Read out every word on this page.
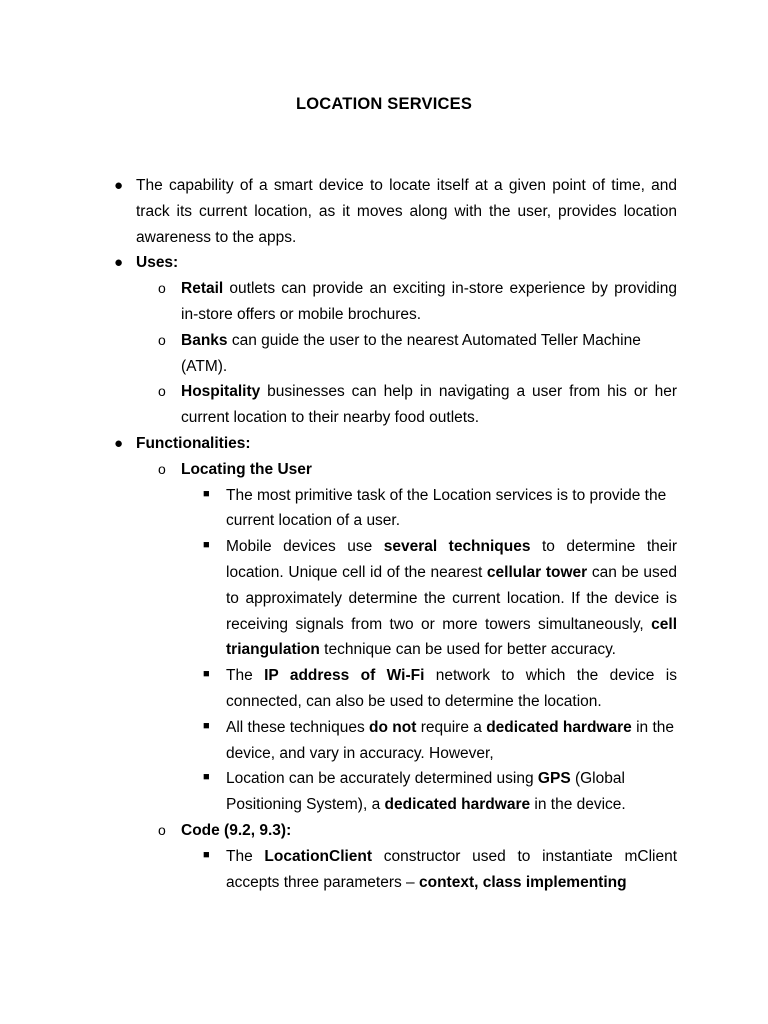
LOCATION SERVICES
● The capability of a smart device to locate itself at a given point of time, and track its current location, as it moves along with the user, provides location awareness to the apps.
● Uses:
o Retail outlets can provide an exciting in-store experience by providing in-store offers or mobile brochures.
o Banks can guide the user to the nearest Automated Teller Machine (ATM).
o Hospitality businesses can help in navigating a user from his or her current location to their nearby food outlets.
● Functionalities:
o Locating the User
■ The most primitive task of the Location services is to provide the current location of a user.
■ Mobile devices use several techniques to determine their location. Unique cell id of the nearest cellular tower can be used to approximately determine the current location. If the device is receiving signals from two or more towers simultaneously, cell triangulation technique can be used for better accuracy.
■ The IP address of Wi-Fi network to which the device is connected, can also be used to determine the location.
■ All these techniques do not require a dedicated hardware in the device, and vary in accuracy. However,
■ Location can be accurately determined using GPS (Global Positioning System), a dedicated hardware in the device.
o Code (9.2, 9.3):
■ The LocationClient constructor used to instantiate mClient accepts three parameters – context, class implementing
